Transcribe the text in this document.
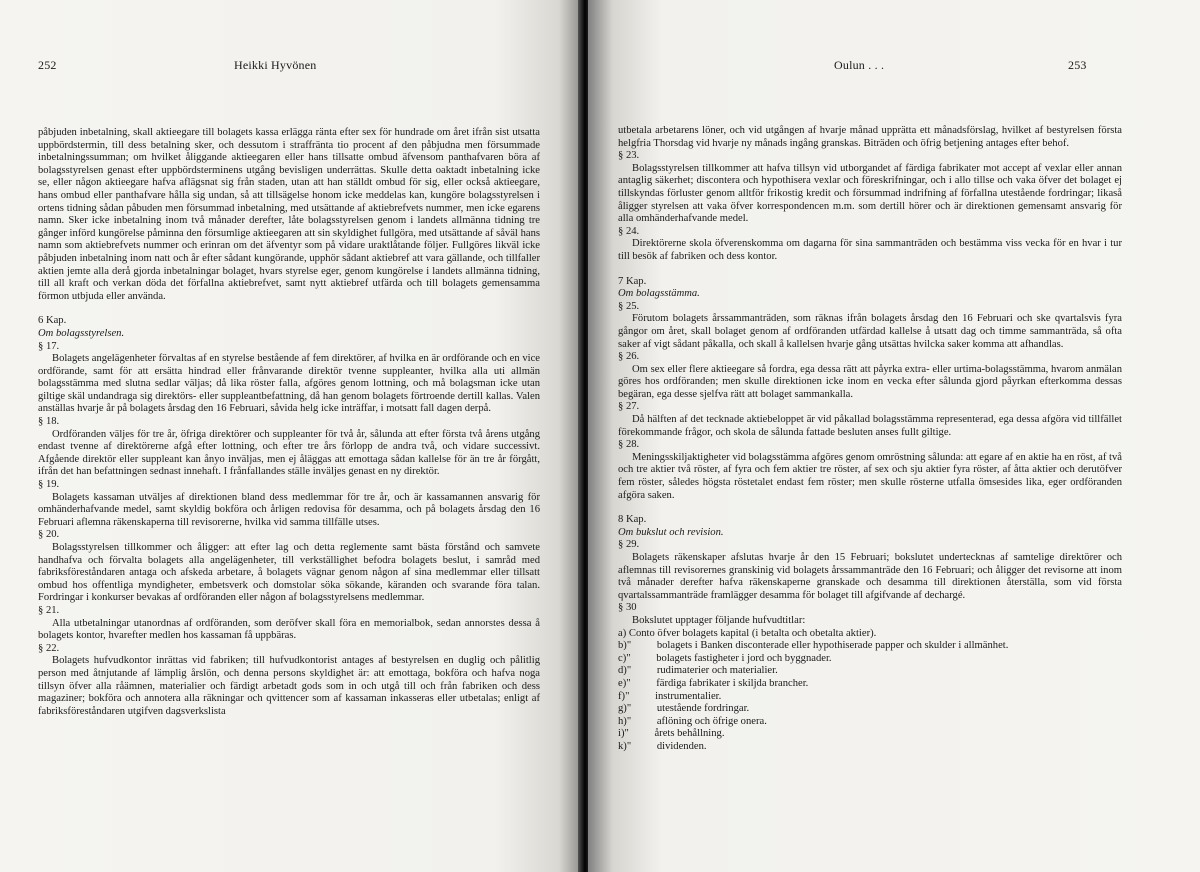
252	Heikki Hyvönen

påbjuden inbetalning, skall aktieegare till bolagets kassa erlägga ränta efter sex för hundrade om året ifrån sist utsatta uppbördstermin, till dess betalning sker, och dessutom i straffränta tio procent af den påbjudna men försummade inbetalningssumman; om hvilket åliggande aktieegaren eller hans tillsatte ombud äfvensom panthafvaren böra af bolagsstyrelsen genast efter uppbördsterminens utgång bevisligen underrättas. Skulle detta oaktadt inbetalning icke se, eller någon aktieegare hafva aflägsnat sig från staden, utan att han ställdt ombud för sig, eller också aktieegare, hans ombud eller panthafvare hålla sig undan, så att tillsägelse honom icke meddelas kan, kungöre bolagsstyrelsen i ortens tidning sådan påbuden men försummad inbetalning, med utsättande af aktiebrefvets nummer, men icke egarens namn. Sker icke inbetalning inom två månader derefter, låte bolagsstyrelsen genom i landets allmänna tidning tre gånger införd kungörelse påminna den försumlige aktieegaren att sin skyldighet fullgöra, med utsättande af såväl hans namn som aktiebrefvets nummer och erinran om det äfventyr som på vidare uraktlåtande följer. Fullgöres likväl icke påbjuden inbetalning inom natt och år efter sådant kungörande, upphör sådant aktiebref att vara gällande, och tillfaller aktien jemte alla derå gjorda inbetalningar bolaget, hvars styrelse eger, genom kungörelse i landets allmänna tidning, till all kraft och verkan döda det förfallna aktiebrefvet, samt nytt aktiebref utfärda och till bolagets gemensamma förmon utbjuda eller använda.

6 Kap.

Om bolagsstyrelsen.

§ 17.

Bolagets angelägenheter förvaltas af en styrelse bestående af fem direktörer, af hvilka en är ordförande och en vice ordförande, samt för att ersätta hindrad eller frånvarande direktör tvenne suppleanter, hvilka alla uti allmän bolagsstämma med slutna sedlar väljas; då lika röster falla, afgöres genom lottning, och må bolagsman icke utan giltige skäl undandraga sig direktörs- eller suppleantbefattning, då han genom bolagets förtroende dertill kallas. Valen anställas hvarje år på bolagets årsdag den 16 Februari, såvida helg icke inträffar, i motsatt fall dagen derpå.

§ 18.

Ordföranden väljes för tre år, öfriga direktörer och suppleanter för två år, sålunda att efter första två årens utgång endast tvenne af direktörerne afgå efter lottning, och efter tre års förlopp de andra två, och vidare successivt. Afgående direktör eller suppleant kan ånyo inväljas, men ej åläggas att emottaga sådan kallelse för än tre år förgått, ifrån det han befattningen sednast innehaft. I frånfallandes ställe inväljes genast en ny direktör.

§ 19.

Bolagets kassaman utväljes af direktionen bland dess medlemmar för tre år, och är kassamannen ansvarig för omhänderhafvande medel, samt skyldig bokföra och årligen redovisa för desamma, och på bolagets årsdag den 16 Februari aflemna räkenskaperna till revisorerne, hvilka vid samma tillfälle utses.

§ 20.

Bolagsstyrelsen tillkommer och åligger: att efter lag och detta reglemente samt bästa förstånd och samvete handhafva och förvalta bolagets alla angelägenheter, till verkställighet befodra bolagets beslut, i samråd med fabriksföreståndaren antaga och afskeda arbetare, å bolagets vägnar genom någon af sina medlemmar eller tillsatt ombud hos offentliga myndigheter, embetsverk och domstolar söka sökande, käranden och svarande föra talan. Fordringar i konkurser bevakas af ordföranden eller någon af bolagsstyrelsens medlemmar.

§ 21.

Alla utbetalningar utanordnas af ordföranden, som deröfver skall föra en memorialbok, sedan annorstes dessa å bolagets kontor, hvarefter medlen hos kassaman få uppbäras.

§ 22.

Bolagets hufvudkontor inrättas vid fabriken; till hufvudkontorist antages af bestyrelsen en duglig och pålitlig person med åtnjutande af lämplig årslön, och denna persons skyldighet är: att emottaga, bokföra och hafva noga tillsyn öfver alla råämnen, materialier och färdigt arbetadt gods som in och utgå till och från fabriken och dess magaziner; bokföra och annotera alla räkningar och qvittencer som af kassaman inkasseras eller utbetalas; enligt af fabriksföreståndaren utgifven dagsverkslista

Oulun . . .	253

utbetala arbetarens löner, och vid utgången af hvarje månad upprätta ett månadsförslag, hvilket af bestyrelsen första helgfria Thorsdag vid hvarje ny månads ingång granskas. Biträden och öfrig betjening antages efter behof.

§ 23.

Bolagsstyrelsen tillkommer att hafva tillsyn vid utborgandet af färdiga fabrikater mot accept af vexlar eller annan antaglig säkerhet; discontera och hypothisera vexlar och föreskrifningar, och i allo tillse och vaka öfver det bolaget ej tillskyndas förluster genom alltför frikostig kredit och försummad indrifning af förfallna utestående fordringar; likaså åligger styrelsen att vaka öfver korrespondencen m.m. som dertill hörer och är direktionen gemensamt ansvarig för alla omhänderhafvande medel.

§ 24.

Direktörerne skola öfverenskomma om dagarna för sina sammanträden och bestämma viss vecka för en hvar i tur till besök af fabriken och dess kontor.

7 Kap.

Om bolagsstämma.

§ 25.

Förutom bolagets årssammanträden, som räknas ifrån bolagets årsdag den 16 Februari och ske qvartalsvis fyra gångor om året, skall bolaget genom af ordföranden utfärdad kallelse å utsatt dag och timme sammanträda, så ofta saker af vigt sådant påkalla, och skall å kallelsen hvarje gång utsättas hvilcka saker komma att afhandlas.

§ 26.

Om sex eller flere aktieegare så fordra, ega dessa rätt att påyrka extra- eller urtima-bolagsstämma, hvarom anmälan göres hos ordföranden; men skulle direktionen icke inom en vecka efter sålunda gjord påyrkan efterkomma dessas begäran, ega desse sjelfva rätt att bolaget sammankalla.

§ 27.

Då hälften af det tecknade aktiebeloppet är vid påkallad bolagsstämma representerad, ega dessa afgöra vid tillfället förekommande frågor, och skola de sålunda fattade besluten anses fullt giltige.

§ 28.

Meningsskiljaktigheter vid bolagsstämma afgöres genom omröstning sålunda: att egare af en aktie ha en röst, af två och tre aktier två röster, af fyra och fem aktier tre röster, af sex och sju aktier fyra röster, af åtta aktier och derutöfver fem röster, således högsta röstetalet endast fem röster; men skulle rösterne utfalla ömsesides lika, eger ordföranden afgöra saken.

8 Kap.

Om bukslut och revision.

§ 29.

Bolagets räkenskaper afslutas hvarje år den 15 Februari; bokslutet undertecknas af samtelige direktörer och aflemnas till revisorernes granskinig vid bolagets årssammanträde den 16 Februari; och åligger det revisorne att inom två månader derefter hafva räkenskaperne granskade och desamma till direktionen återställa, som vid första qvartalssammanträde framlägger desamma för bolaget till afgifvande af dechargé.

§ 30

Bokslutet upptager följande hufvudtitlar:

a) Conto öfver bolagets kapital (i betalta och obetalta aktier).

b) "	bolagets i Banken disconterade eller hypothiserade papper och skulder i allmänhet.
c) "	bolagets fastigheter i jord och byggnader.
d) "	rudimaterier och materialier.
e) "	färdiga fabrikater i skiljda brancher.
f) "	instrumentalier.
g) "	utestående fordringar.
h) "	aflöning och öfrige onera.
i) "	årets behållning.
k) "	dividenden.
